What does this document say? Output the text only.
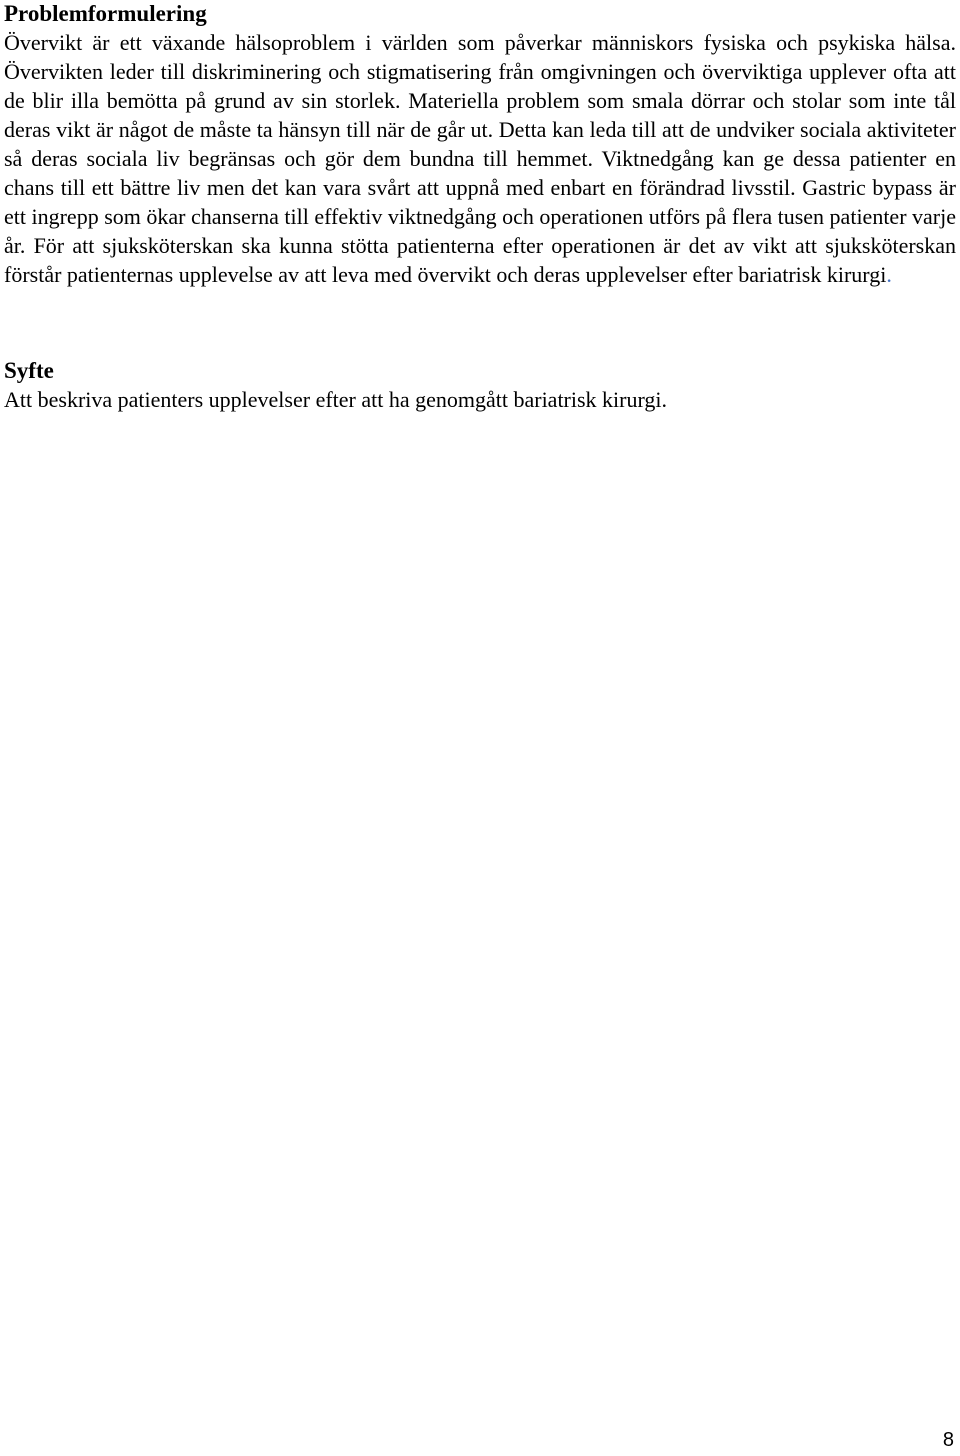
Problemformulering

Övervikt är ett växande hälsoproblem i världen som påverkar människors fysiska och psykiska hälsa. Övervikten leder till diskriminering och stigmatisering från omgivningen och överviktiga upplever ofta att de blir illa bemötta på grund av sin storlek. Materiella problem som smala dörrar och stolar som inte tål deras vikt är något de måste ta hänsyn till när de går ut. Detta kan leda till att de undviker sociala aktiviteter så deras sociala liv begränsas och gör dem bundna till hemmet. Viktnedgång kan ge dessa patienter en chans till ett bättre liv men det kan vara svårt att uppnå med enbart en förändrad livsstil. Gastric bypass är ett ingrepp som ökar chanserna till effektiv viktnedgång och operationen utförs på flera tusen patienter varje år. För att sjuksköterskan ska kunna stötta patienterna efter operationen är det av vikt att sjuksköterskan förstår patienternas upplevelse av att leva med övervikt och deras upplevelser efter bariatrisk kirurgi.

Syfte

Att beskriva patienters upplevelser efter att ha genomgått bariatrisk kirurgi.

8
